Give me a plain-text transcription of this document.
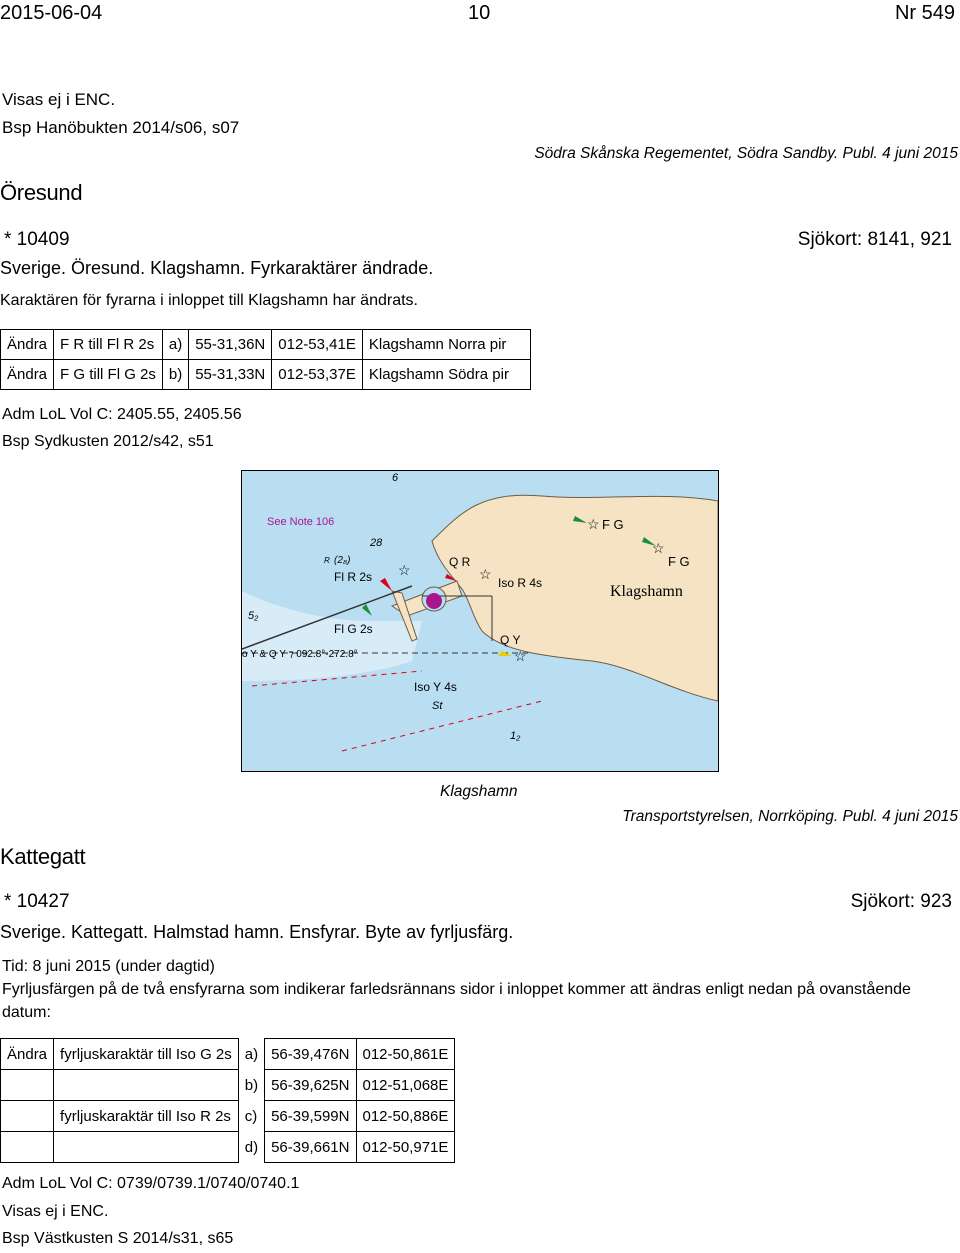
2015-06-04	10	Nr 549
Visas ej i ENC.
Bsp Hanöbukten 2014/s06, s07
Södra Skånska Regementet, Södra Sandby. Publ. 4 juni 2015
Öresund
* 10409	Sjökort: 8141, 921
Sverige. Öresund. Klagshamn. Fyrkaraktärer ändrade.
Karaktären för fyrarna i inloppet till Klagshamn har ändrats.
Ändra	F R till Fl R 2s	a)	55-31,36N	012-53,41E	Klagshamn Norra pir
Ändra	F G till Fl G 2s	b)	55-31,33N	012-53,37E	Klagshamn Södra pir
Adm LoL Vol C: 2405.55, 2405.56
Bsp Sydkusten 2012/s42, s51
See Note 106
Fl R 2s
Fl G 2s
Q R
Q Y
Iso R 4s
Iso Y 4s
F G
F G
Klagshamn
o Y & Q Y ⁊ 092.8°-272.8°
St
6
28
(2₈)
R
5₂
1₂
☆	☆
☆
☆
☆
Klagshamn
Transportstyrelsen, Norrköping. Publ. 4 juni 2015
Kattegatt
* 10427	Sjökort: 923
Sverige. Kattegatt. Halmstad hamn. Ensfyrar. Byte av fyrljusfärg.
Tid: 8 juni 2015 (under dagtid)
Fyrljusfärgen på de två ensfyrarna som indikerar farledsrännans sidor i inloppet kommer att ändras enligt nedan på ovanstående datum:
Ändra	fyrljuskaraktär till Iso G 2s	a)	56-39,476N	012-50,861E
		b)	56-39,625N	012-51,068E
	fyrljuskaraktär till Iso R 2s	c)	56-39,599N	012-50,886E
		d)	56-39,661N	012-50,971E
Adm LoL Vol C: 0739/0739.1/0740/0740.1
Visas ej i ENC.
Bsp Västkusten S 2014/s31, s65
